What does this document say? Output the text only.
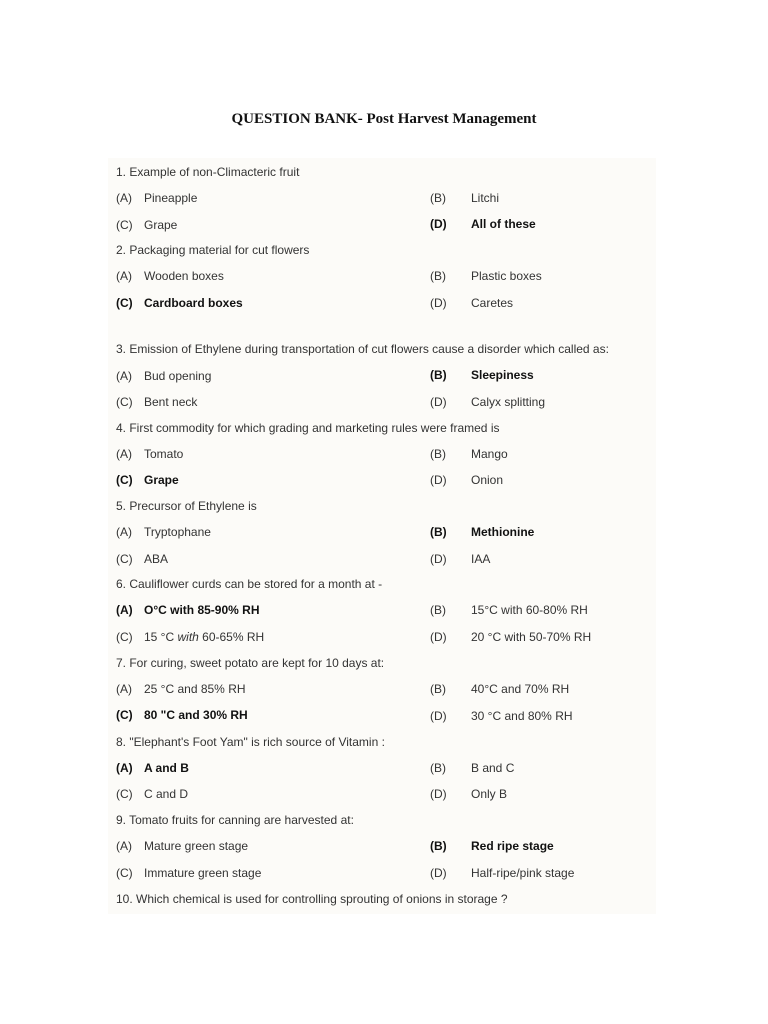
QUESTION BANK- Post Harvest Management
1. Example of non-Climacteric fruit
(A) Pineapple	(B) Litchi
(C) Grape	(D) All of these
2. Packaging material for cut flowers
(A) Wooden boxes	(B) Plastic boxes
(C) Cardboard boxes	(D) Caretes
3. Emission of Ethylene during transportation of cut flowers cause a disorder which called as:
(A) Bud opening	(B) Sleepiness
(C) Bent neck	(D) Calyx splitting
4. First commodity for which grading and marketing rules were framed is
(A) Tomato	(B) Mango
(C) Grape	(D) Onion
5. Precursor of Ethylene is
(A) Tryptophane	(B) Methionine
(C) ABA	(D) IAA
6. Cauliflower curds can be stored for a month at -
(A) O°C with 85-90% RH	(B) 15°C with 60-80% RH
(C) 15 °C with 60-65% RH	(D) 20 °C with 50-70% RH
7. For curing, sweet potato are kept for 10 days at:
(A) 25 °C and 85% RH	(B) 40°C and 70% RH
(C) 80 "C and 30% RH	(D) 30 °C and 80% RH
8. "Elephant's Foot Yam" is rich source of Vitamin :
(A) A and B	(B) B and C
(C) C and D	(D) Only B
9. Tomato fruits for canning are harvested at:
(A) Mature green stage	(B) Red ripe stage
(C) Immature green stage	(D) Half-ripe/pink stage
10. Which chemical is used for controlling sprouting of onions in storage ?
